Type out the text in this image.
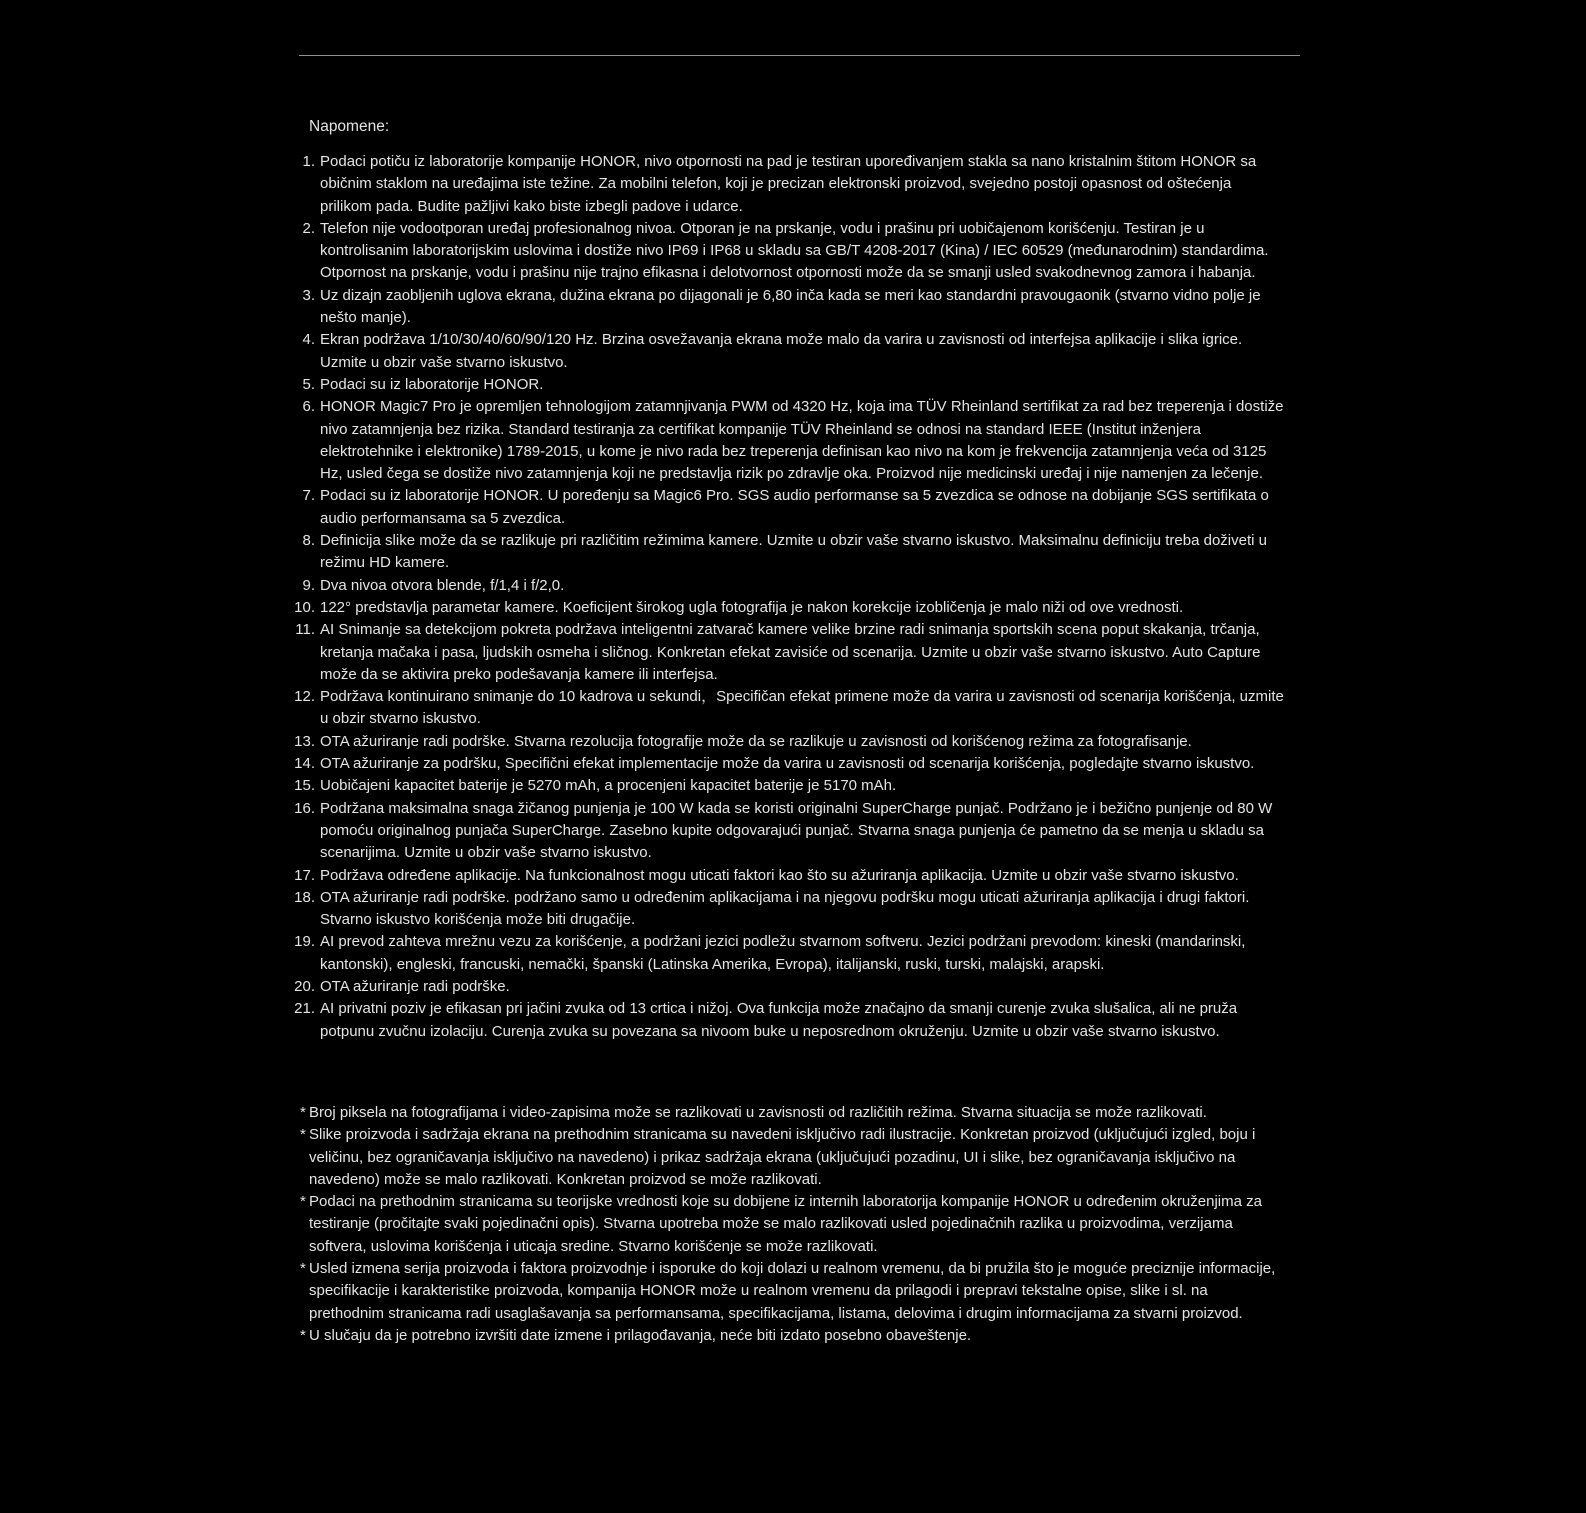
Napomene:

1. Podaci potiču iz laboratorije kompanije HONOR, nivo otpornosti na pad je testiran upoređivanjem stakla sa nano kristalnim štitom HONOR sa običnim staklom na uređajima iste težine. Za mobilni telefon, koji je precizan elektronski proizvod, svejedno postoji opasnost od oštećenja prilikom pada. Budite pažljivi kako biste izbegli padove i udarce.
2. Telefon nije vodootporan uređaj profesionalnog nivoa. Otporan je na prskanje, vodu i prašinu pri uobičajenom korišćenju. Testiran je u kontrolisanim laboratorijskim uslovima i dostiže nivo IP69 i IP68 u skladu sa GB/T 4208-2017 (Kina) / IEC 60529 (međunarodnim) standardima. Otpornost na prskanje, vodu i prašinu nije trajno efikasna i delotvornost otpornosti može da se smanji usled svakodnevnog zamora i habanja.
3. Uz dizajn zaobljenih uglova ekrana, dužina ekrana po dijagonali je 6,80 inča kada se meri kao standardni pravougaonik (stvarno vidno polje je nešto manje).
4. Ekran podržava 1/10/30/40/60/90/120 Hz. Brzina osvežavanja ekrana može malo da varira u zavisnosti od interfejsa aplikacije i slika igrice. Uzmite u obzir vaše stvarno iskustvo.
5. Podaci su iz laboratorije HONOR.
6. HONOR Magic7 Pro je opremljen tehnologijom zatamnjivanja PWM od 4320 Hz, koja ima TÜV Rheinland sertifikat za rad bez treperenja i dostiže nivo zatamnjenja bez rizika. Standard testiranja za certifikat kompanije TÜV Rheinland se odnosi na standard IEEE (Institut inženjera elektrotehnike i elektronike) 1789-2015, u kome je nivo rada bez treperenja definisan kao nivo na kom je frekvencija zatamnjenja veća od 3125 Hz, usled čega se dostiže nivo zatamnjenja koji ne predstavlja rizik po zdravlje oka. Proizvod nije medicinski uređaj i nije namenjen za lečenje.
7. Podaci su iz laboratorije HONOR. U poređenju sa Magic6 Pro. SGS audio performanse sa 5 zvezdica se odnose na dobijanje SGS sertifikata o audio performansama sa 5 zvezdica.
8. Definicija slike može da se razlikuje pri različitim režimima kamere. Uzmite u obzir vaše stvarno iskustvo. Maksimalnu definiciju treba doživeti u režimu HD kamere.
9. Dva nivoa otvora blende, f/1,4 i f/2,0.
10. 122° predstavlja parametar kamere. Koeficijent širokog ugla fotografija je nakon korekcije izobličenja je malo niži od ove vrednosti.
11. AI Snimanje sa detekcijom pokreta podržava inteligentni zatvarač kamere velike brzine radi snimanja sportskih scena poput skakanja, trčanja, kretanja mačaka i pasa, ljudskih osmeha i sličnog. Konkretan efekat zavisiće od scenarija. Uzmite u obzir vaše stvarno iskustvo. Auto Capture može da se aktivira preko podešavanja kamere ili interfejsa.
12. Podržava kontinuirano snimanje do 10 kadrova u sekundi，Specifičan efekat primene može da varira u zavisnosti od scenarija korišćenja, uzmite u obzir stvarno iskustvo.
13. OTA ažuriranje radi podrške. Stvarna rezolucija fotografije može da se razlikuje u zavisnosti od korišćenog režima za fotografisanje.
14. OTA ažuriranje za podršku, Specifični efekat implementacije može da varira u zavisnosti od scenarija korišćenja, pogledajte stvarno iskustvo.
15. Uobičajeni kapacitet baterije je 5270 mAh, a procenjeni kapacitet baterije je 5170 mAh.
16. Podržana maksimalna snaga žičanog punjenja je 100 W kada se koristi originalni SuperCharge punjač. Podržano je i bežično punjenje od 80 W pomoću originalnog punjača SuperCharge. Zasebno kupite odgovarajući punjač. Stvarna snaga punjenja će pametno da se menja u skladu sa scenarijima. Uzmite u obzir vaše stvarno iskustvo.
17. Podržava određene aplikacije. Na funkcionalnost mogu uticati faktori kao što su ažuriranja aplikacija. Uzmite u obzir vaše stvarno iskustvo.
18. OTA ažuriranje radi podrške. podržano samo u određenim aplikacijama i na njegovu podršku mogu uticati ažuriranja aplikacija i drugi faktori. Stvarno iskustvo korišćenja može biti drugačije.
19. AI prevod zahteva mrežnu vezu za korišćenje, a podržani jezici podležu stvarnom softveru. Jezici podržani prevodom: kineski (mandarinski, kantonski), engleski, francuski, nemački, španski (Latinska Amerika, Evropa), italijanski, ruski, turski, malajski, arapski.
20. OTA ažuriranje radi podrške.
21. AI privatni poziv je efikasan pri jačini zvuka od 13 crtica i nižoj. Ova funkcija može značajno da smanji curenje zvuka slušalica, ali ne pruža potpunu zvučnu izolaciju. Curenja zvuka su povezana sa nivoom buke u neposrednom okruženju. Uzmite u obzir vaše stvarno iskustvo.
* Broj piksela na fotografijama i video-zapisima može se razlikovati u zavisnosti od različitih režima. Stvarna situacija se može razlikovati.
* Slike proizvoda i sadržaja ekrana na prethodnim stranicama su navedeni isključivo radi ilustracije. Konkretan proizvod (uključujući izgled, boju i veličinu, bez ograničavanja isključivo na navedeno) i prikaz sadržaja ekrana (uključujući pozadinu, UI i slike, bez ograničavanja isključivo na navedeno) može se malo razlikovati. Konkretan proizvod se može razlikovati.
* Podaci na prethodnim stranicama su teorijske vrednosti koje su dobijene iz internih laboratorija kompanije HONOR u određenim okruženjima za testiranje (pročitajte svaki pojedinačni opis). Stvarna upotreba može se malo razlikovati usled pojedinačnih razlika u proizvodima, verzijama softvera, uslovima korišćenja i uticaja sredine. Stvarno korišćenje se može razlikovati.
* Usled izmena serija proizvoda i faktora proizvodnje i isporuke do koji dolazi u realnom vremenu, da bi pružila što je moguće preciznije informacije, specifikacije i karakteristike proizvoda, kompanija HONOR može u realnom vremenu da prilagodi i prepravi tekstalne opise, slike i sl. na prethodnim stranicama radi usaglašavanja sa performansama, specifikacijama, listama, delovima i drugim informacijama za stvarni proizvod.
* U slučaju da je potrebno izvršiti date izmene i prilagođavanja, neće biti izdato posebno obaveštenje.
